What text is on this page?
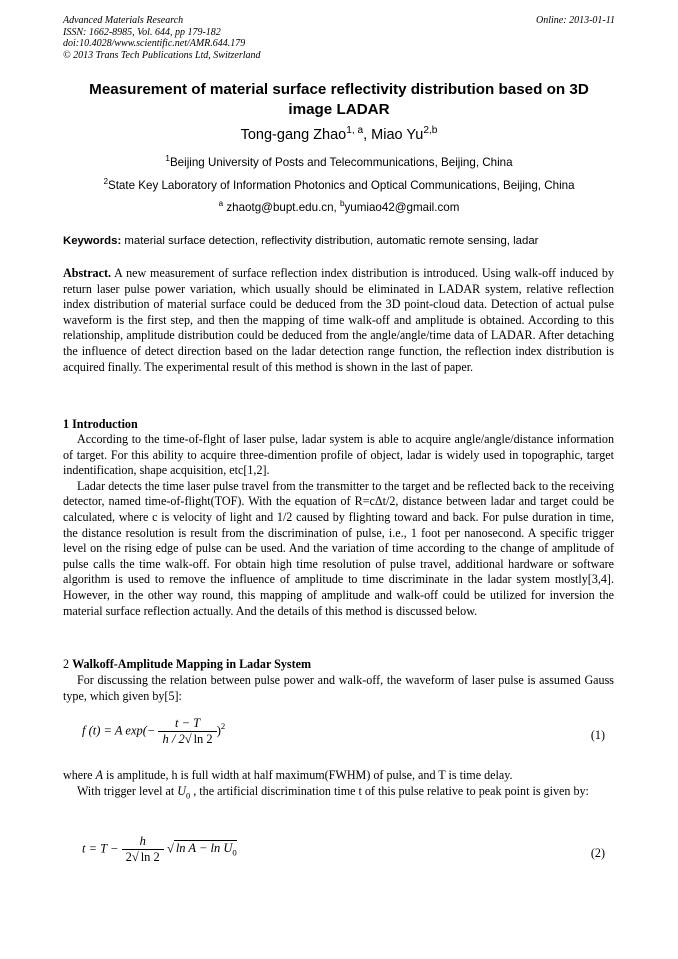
Advanced Materials Research
ISSN: 1662-8985, Vol. 644, pp 179-182
doi:10.4028/www.scientific.net/AMR.644.179
© 2013 Trans Tech Publications Ltd, Switzerland
Online: 2013-01-11
Measurement of material surface reflectivity distribution based on 3D image LADAR
Tong-gang Zhao$^{1, a}$, Miao Yu$^{2,b}$
$^1$Beijing University of Posts and Telecommunications, Beijing, China
$^2$State Key Laboratory of Information Photonics and Optical Communications, Beijing, China
$^a$ zhaotg@bupt.edu.cn, $^b$yumiao42@gmail.com
Keywords: material surface detection, reflectivity distribution, automatic remote sensing, ladar

Abstract. A new measurement of surface reflection index distribution is introduced. Using walk-off induced by return laser pulse power variation, which usually should be eliminated in LADAR system, relative reflection index distribution of material surface could be deduced from the 3D point-cloud data. Detection of actual pulse waveform is the first step, and then the mapping of time walk-off and amplitude is obtained. According to this relationship, amplitude distribution could be deduced from the angle/angle/time data of LADAR. After detaching the influence of detect direction based on the ladar detection range function, the reflection index distribution is acquired finally. The experimental result of this method is shown in the last of paper.

1 Introduction

According to the time-of-flght of laser pulse, ladar system is able to acquire angle/angle/distance information of target. For this ability to acquire three-dimention profile of object, ladar is widely used in topographic, target indentification, shape acquisition, etc[1,2].

Ladar detects the time laser pulse travel from the transmitter to the target and be reflected back to the receiving detector, named time-of-flight(TOF). With the equation of R=cΔt/2, distance between ladar and target could be calculated, where c is velocity of light and 1/2 caused by flighting toward and back. For pulse duration in time, the distance resolution is result from the discrimination of pulse, i.e., 1 foot per nanosecond. A specific trigger level on the rising edge of pulse can be used. And the variation of time according to the change of amplitude of pulse calls the time walk-off. For obtain high time resolution of pulse travel, additional hardware or software algorithm is used to remove the influence of amplitude to time discriminate in the ladar system mostly[3,4]. However, in the other way round, this mapping of amplitude and walk-off could be utilized for inversion the material surface reflection actually. And the details of this method is discussed below.

2 Walkoff-Amplitude Mapping in Ladar System

For discussing the relation between pulse power and walk-off, the waveform of laser pulse is assumed Gauss type, which given by[5]:

f (t) = A $\exp(- \frac{t - T}{h / 2√ \ln 2} )^2$
(1)

where A is amplitude, h is full width at half maximum(FWHM) of pulse, and T is time delay.

With trigger level at $U_0$ , the artificial discrimination time t of this pulse relative to peak point is given by:

$t = T - \frac{h}{2√ \ln 2}$ √ $\ln A - \ln U_0$	(2)
